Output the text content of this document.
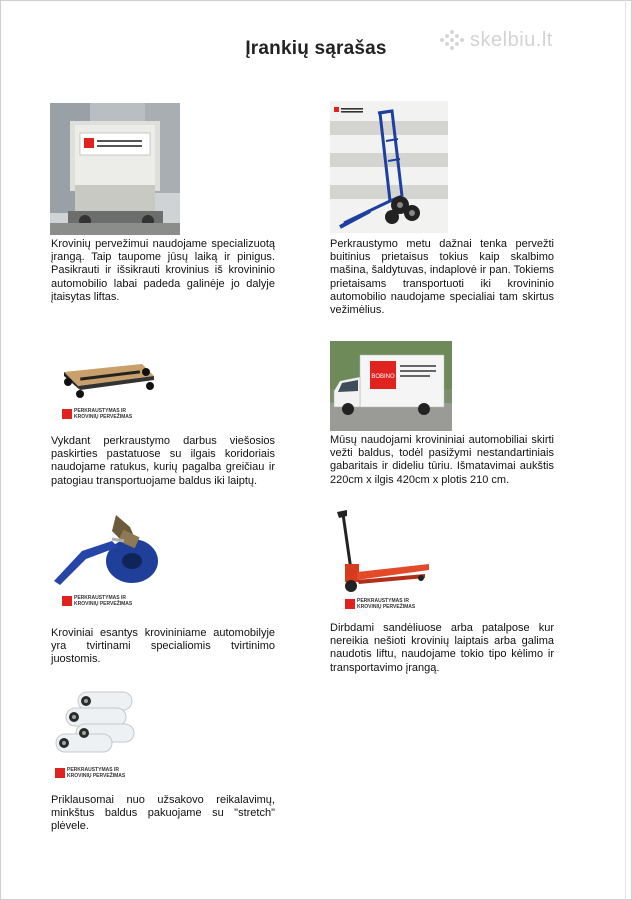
skelbiu.lt
Įrankių sąrašas
Krovinių pervežimui naudojame specializuotą įrangą. Taip taupome jūsų laiką ir pinigus. Pasikrauti ir išsikrauti krovinius iš krovininio automobilio labai padeda galinėje jo dalyje įtaisytas liftas.
Perkraustymo metu dažnai tenka pervežti buitinius prietaisus tokius kaip skalbimo mašina, šaldytuvas, indaplovė ir pan. Tokiems prietaisams transportuoti iki krovininio automobilio naudojame specialiai tam skirtus vežimėlius.
PERKRAUSTYMAS IR
KROVINIŲ PERVEŽIMAS
Vykdant perkraustymo darbus viešosios paskirties pastatuose su ilgais koridoriais naudojame ratukus, kurių pagalba greičiau ir patogiau transportuojame baldus iki laiptų.
BOBINO
Mūsų naudojami krovininiai automobiliai skirti vežti baldus, todėl pasižymi nestandartiniais gabaritais ir dideliu tūriu. Išmatavimai aukštis 220cm x ilgis 420cm x plotis 210 cm.
PERKRAUSTYMAS IR
KROVINIŲ PERVEŽIMAS
Kroviniai esantys krovininiame automobilyje yra tvirtinami specialiomis tvirtinimo juostomis.
PERKRAUSTYMAS IR
KROVINIŲ PERVEŽIMAS
Dirbdami sandėliuose arba patalpose kur nereikia nešioti krovinių laiptais arba galima naudotis liftu, naudojame tokio tipo kėlimo ir transportavimo įrangą.
PERKRAUSTYMAS IR
KROVINIŲ PERVEŽIMAS
Priklausomai nuo užsakovo reikalavimų, minkštus baldus pakuojame su "stretch" plėvele.
